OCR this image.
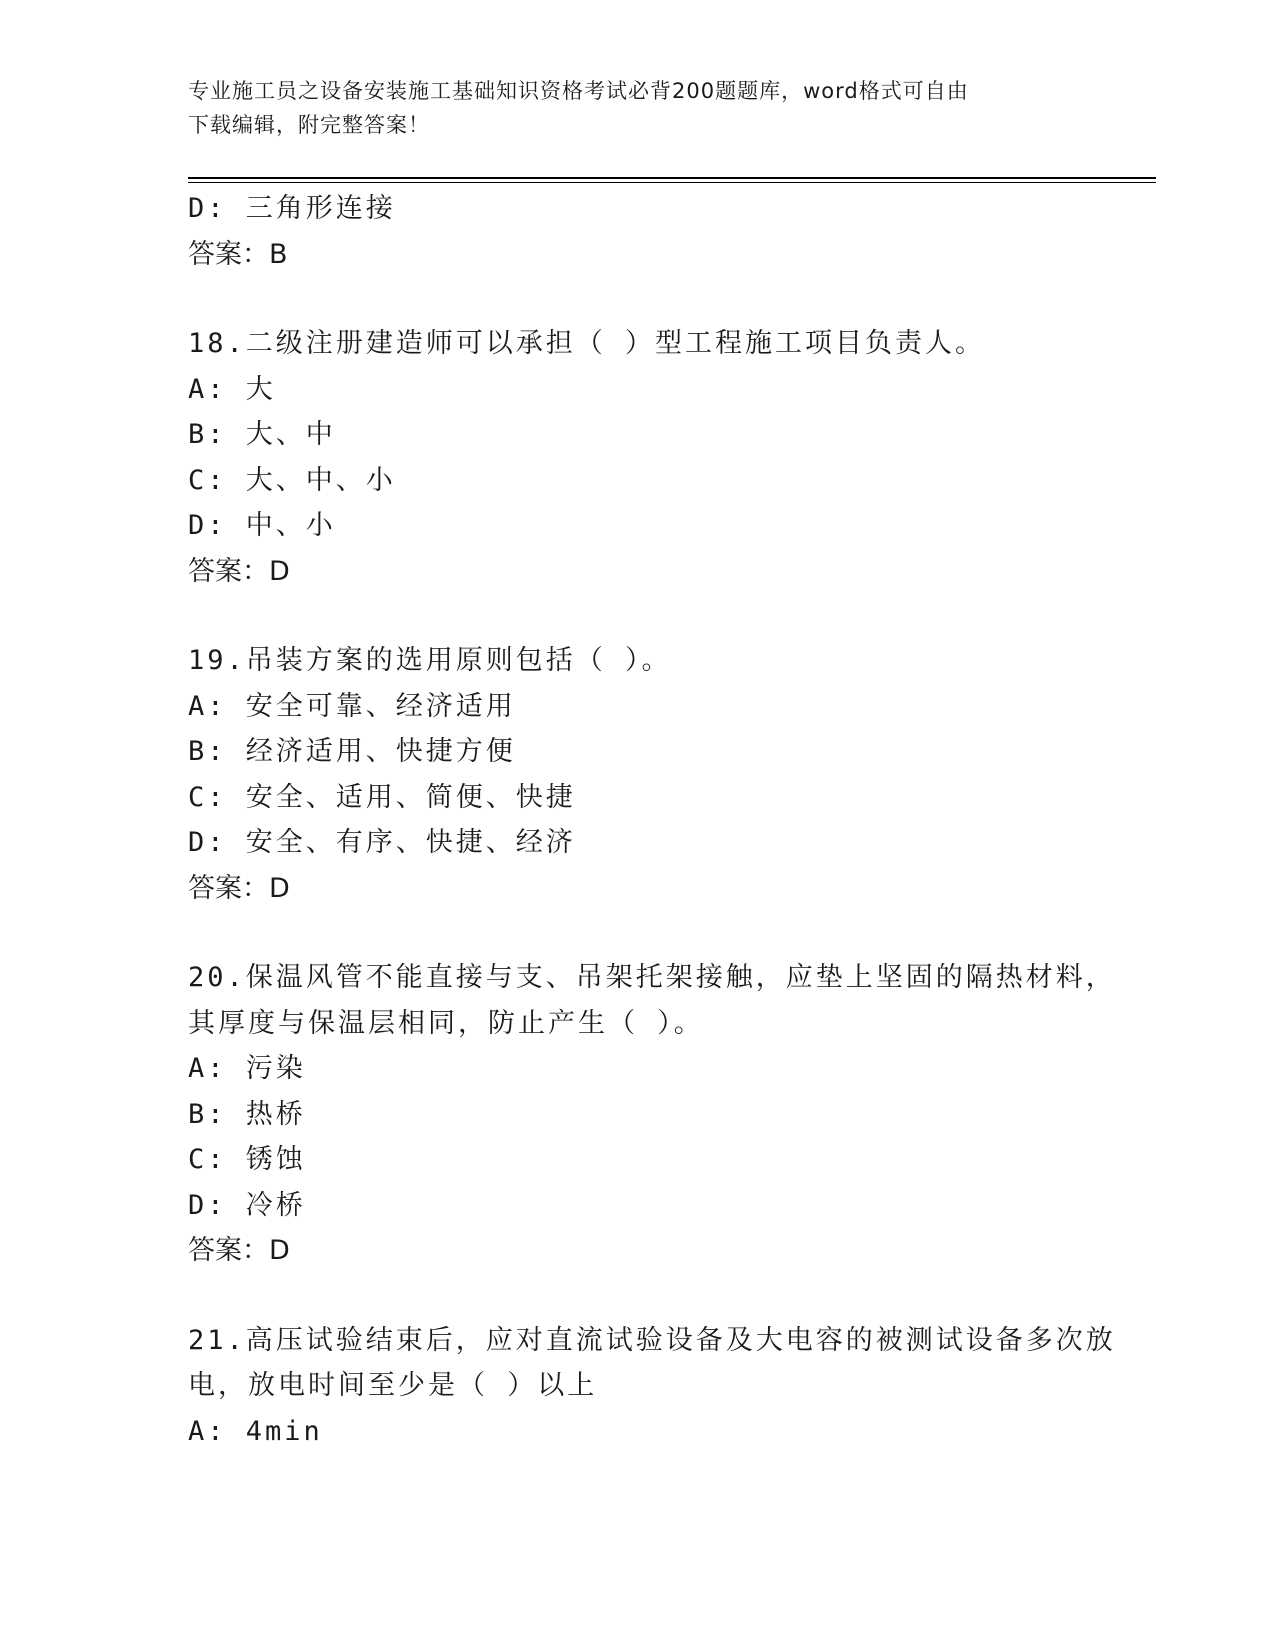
专业施工员之设备安装施工基础知识资格考试必背200题题库，word格式可自由
下载编辑，附完整答案！
D: 三角形连接
答案：B
18.二级注册建造师可以承担（ ）型工程施工项目负责人。
A: 大
B: 大、中
C: 大、中、小
D: 中、小
答案：D
19.吊装方案的选用原则包括（ ）。
A: 安全可靠、经济适用
B: 经济适用、快捷方便
C: 安全、适用、简便、快捷
D: 安全、有序、快捷、经济
答案：D
20.保温风管不能直接与支、吊架托架接触，应垫上坚固的隔热材料，
其厚度与保温层相同，防止产生（ ）。
A: 污染
B: 热桥
C: 锈蚀
D: 冷桥
答案：D
21.高压试验结束后，应对直流试验设备及大电容的被测试设备多次放
电，放电时间至少是（ ）以上
A: 4min
